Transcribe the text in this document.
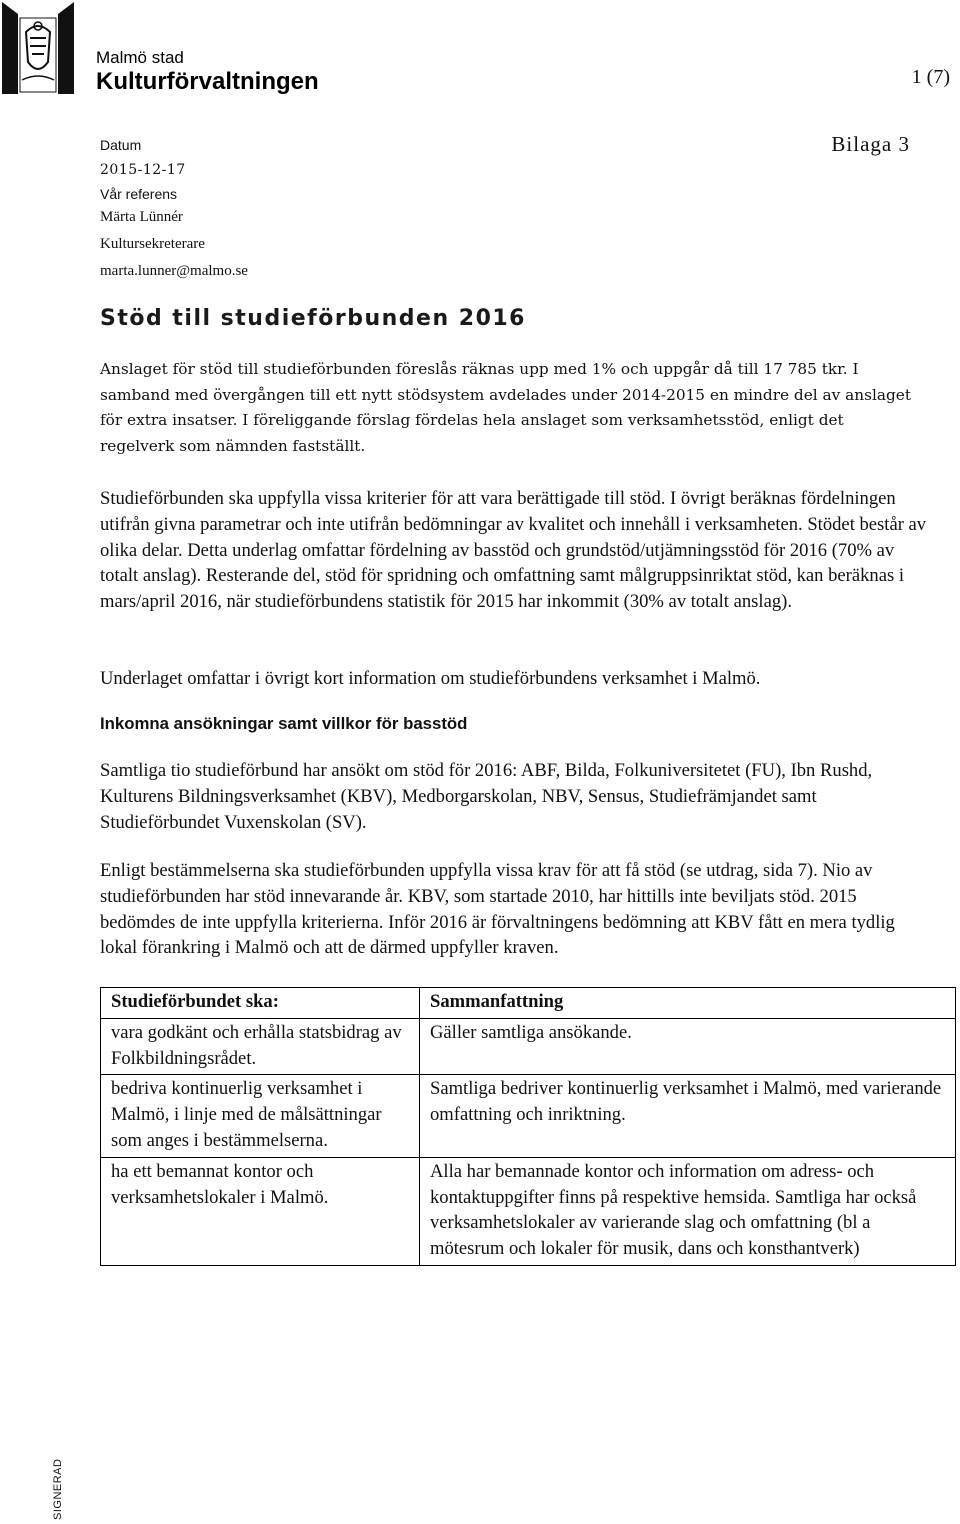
Malmö stad
Kulturförvaltningen	1 (7)
Datum
2015-12-17
Vår referens
Märta Lünnér
Kultursekreterare
marta.lunner@malmo.se
Bilaga 3
Stöd till studieförbunden 2016
Anslaget för stöd till studieförbunden föreslås räknas upp med 1% och uppgår då till 17 785 tkr. I samband med övergången till ett nytt stödsystem avdelades under 2014-2015 en mindre del av anslaget för extra insatser. I föreliggande förslag fördelas hela anslaget som verksamhetsstöd, enligt det regelverk som nämnden fastställt.
Studieförbunden ska uppfylla vissa kriterier för att vara berättigade till stöd. I övrigt beräknas fördelningen utifrån givna parametrar och inte utifrån bedömningar av kvalitet och innehåll i verksamheten. Stödet består av olika delar. Detta underlag omfattar fördelning av basstöd och grundstöd/utjämningsstöd för 2016 (70% av totalt anslag). Resterande del, stöd för spridning och omfattning samt målgruppsinriktat stöd, kan beräknas i mars/april 2016, när studieförbundens statistik för 2015 har inkommit (30% av totalt anslag).
Underlaget omfattar i övrigt kort information om studieförbundens verksamhet i Malmö.
Inkomna ansökningar samt villkor för basstöd
Samtliga tio studieförbund har ansökt om stöd för 2016: ABF, Bilda, Folkuniversitetet (FU), Ibn Rushd, Kulturens Bildningsverksamhet (KBV), Medborgarskolan, NBV, Sensus, Studiefrämjandet samt Studieförbundet Vuxenskolan (SV).
Enligt bestämmelserna ska studieförbunden uppfylla vissa krav för att få stöd (se utdrag, sida 7). Nio av studieförbunden har stöd innevarande år. KBV, som startade 2010, har hittills inte beviljats stöd. 2015 bedömdes de inte uppfylla kriterierna. Inför 2016 är förvaltningens bedömning att KBV fått en mera tydlig lokal förankring i Malmö och att de därmed uppfyller kraven.
Studieförbundet ska:	Sammanfattning
vara godkänt och erhålla statsbidrag av Folkbildningsrådet.	Gäller samtliga ansökande.
bedriva kontinuerlig verksamhet i Malmö, i linje med de målsättningar som anges i bestämmelserna.	Samtliga bedriver kontinuerlig verksamhet i Malmö, med varierande omfattning och inriktning.
ha ett bemannat kontor och verksamhetslokaler i Malmö.	Alla har bemannade kontor och information om adress- och kontaktuppgifter finns på respektive hemsida. Samtliga har också verksamhetslokaler av varierande slag och omfattning (bl a mötesrum och lokaler för musik, dans och konsthantverk)
SIGNERAD
